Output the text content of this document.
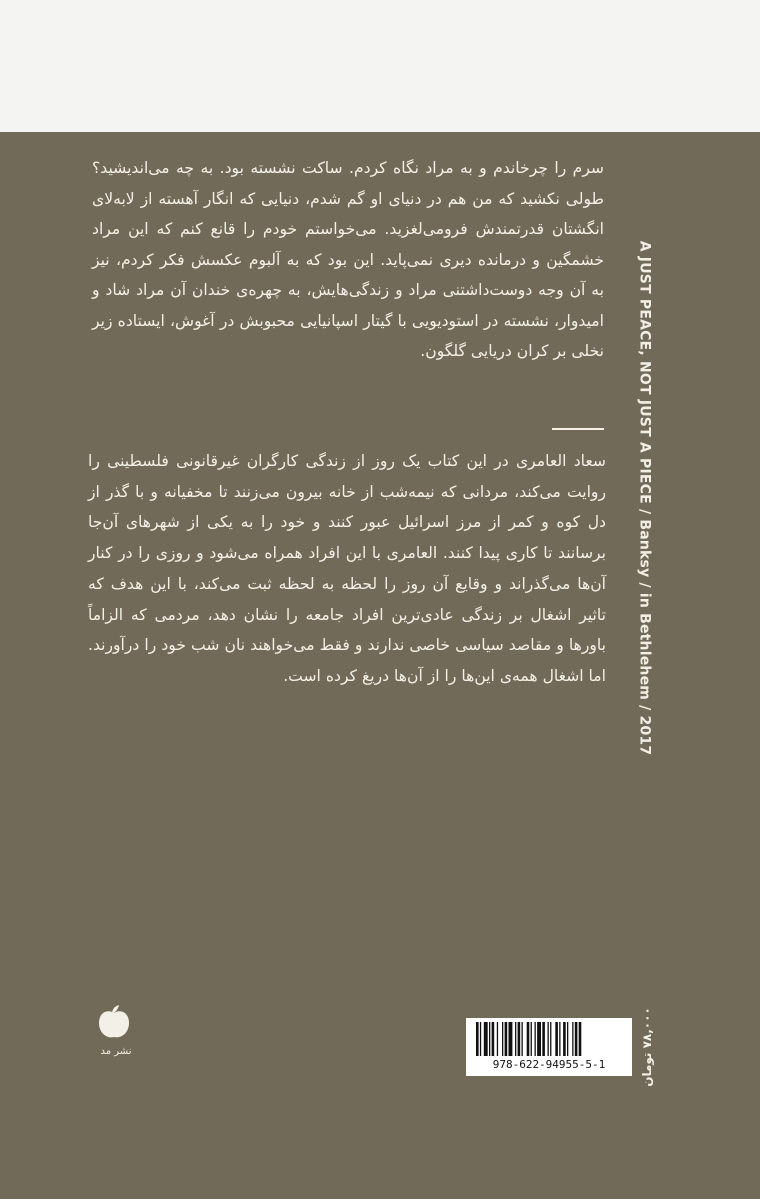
A JUST PEACE, NOT JUST A PIECE / Banksy / in Bethlehem / 2017
سرم را چرخاندم و به مراد نگاه کردم. ساکت نشسته بود. به چه می‌اندیشید؟ طولی نکشید که من هم در دنیای او گم شدم، دنیایی که انگار آهسته از لابه‌لای انگشتان قدرتمندش فرومی‌لغزید. می‌خواستم خودم را قانع کنم که این مراد خشمگین و درمانده دیری نمی‌پاید. این بود که به آلبوم عکسش فکر کردم، نیز به آن وجه دوست‌داشتنی مراد و زندگی‌هایش، به چهره‌ی خندان آن مراد شاد و امیدوار، نشسته در استودیویی با گیتار اسپانیایی محبوبش در آغوش، ایستاده زیر نخلی بر کران دریایی گلگون.
سعاد العامری در این کتاب یک روز از زندگی کارگران غیرقانونی فلسطینی را روایت می‌کند، مردانی که نیمه‌شب از خانه بیرون می‌زنند تا مخفیانه و با گذر از دل کوه و کمر از مرز اسرائیل عبور کنند و خود را به یکی از شهرهای آن‌جا برسانند تا کاری پیدا کنند. العامری با این افراد همراه می‌شود و روزی را در کنار آن‌ها می‌گذراند و وقایع آن روز را لحظه به لحظه ثبت می‌کند، با این هدف که تاثیر اشغال بر زندگی عادی‌ترین افراد جامعه را نشان دهد، مردمی که الزاماً باورها و مقاصد سیاسی خاصی ندارند و فقط می‌خواهند نان شب خود را درآورند. اما اشغال همه‌ی این‌ها را از آن‌ها دریغ کرده است.
نشر مد
978-622-94955-5-1	۷۸,۰۰۰ تومان
